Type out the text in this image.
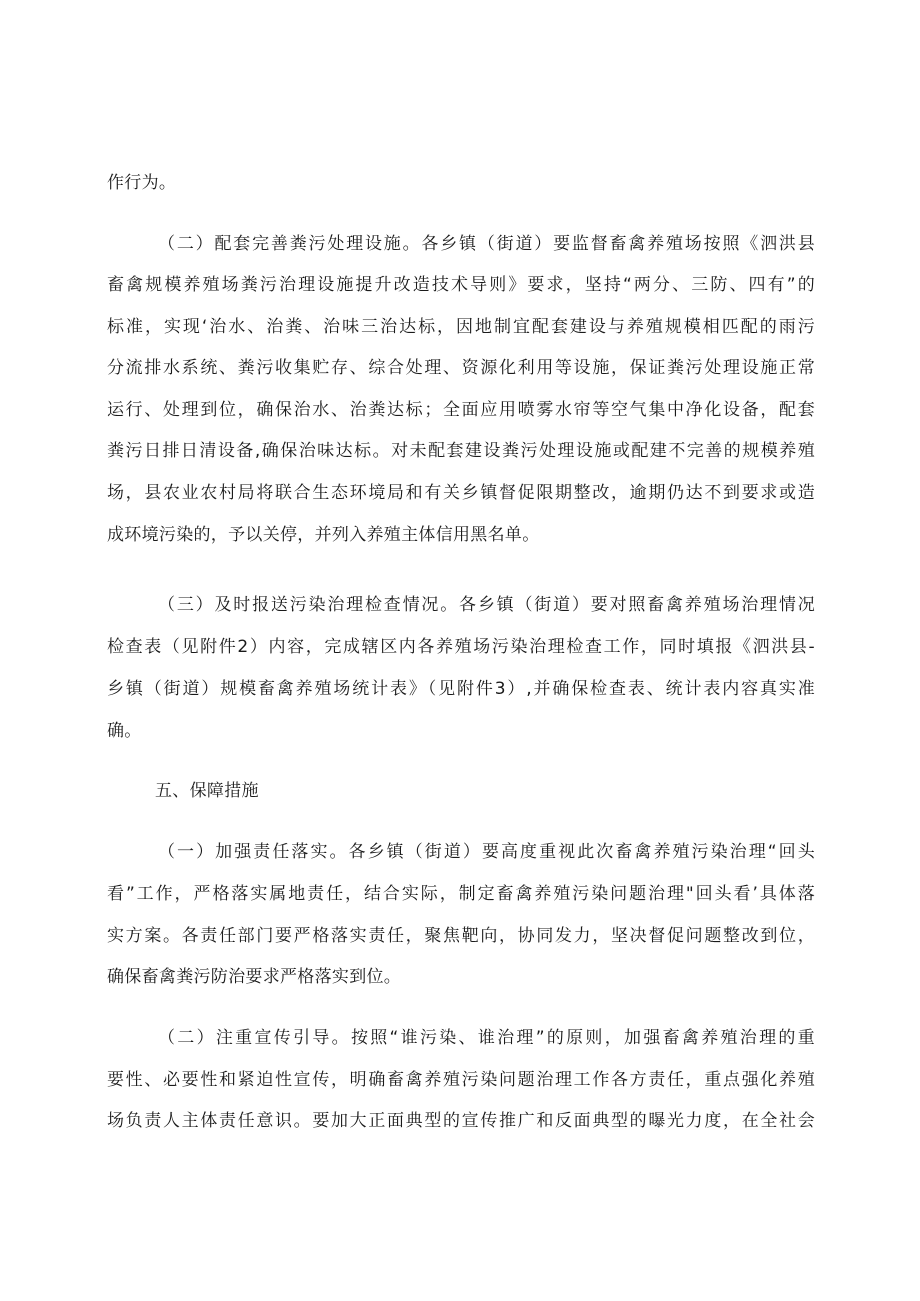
作行为。
（二）配套完善粪污处理设施。各乡镇（街道）要监督畜禽养殖场按照《泗洪县
畜禽规模养殖场粪污治理设施提升改造技术导则》要求，坚持“两分、三防、四有”的
标准，实现‘治水、治粪、治味三治达标，因地制宜配套建设与养殖规模相匹配的雨污
分流排水系统、粪污收集贮存、综合处理、资源化利用等设施，保证粪污处理设施正常
运行、处理到位，确保治水、治粪达标；全面应用喷雾水帘等空气集中净化设备，配套
粪污日排日清设备,确保治味达标。对未配套建设粪污处理设施或配建不完善的规模养殖
场，县农业农村局将联合生态环境局和有关乡镇督促限期整改，逾期仍达不到要求或造
成环境污染的，予以关停，并列入养殖主体信用黑名单。
（三）及时报送污染治理检查情况。各乡镇（街道）要对照畜禽养殖场治理情况
检查表（见附件2）内容，完成辖区内各养殖场污染治理检查工作，同时填报《泗洪县-
乡镇（街道）规模畜禽养殖场统计表》（见附件3）,并确保检查表、统计表内容真实准
确。
五、保障措施
（一）加强责任落实。各乡镇（街道）要高度重视此次畜禽养殖污染治理“回头
看”工作，严格落实属地责任，结合实际，制定畜禽养殖污染问题治理"回头看’具体落
实方案。各责任部门要严格落实责任，聚焦靶向，协同发力，坚决督促问题整改到位，
确保畜禽粪污防治要求严格落实到位。
（二）注重宣传引导。按照“谁污染、谁治理”的原则，加强畜禽养殖治理的重
要性、必要性和紧迫性宣传，明确畜禽养殖污染问题治理工作各方责任，重点强化养殖
场负责人主体责任意识。要加大正面典型的宣传推广和反面典型的曝光力度，在全社会
